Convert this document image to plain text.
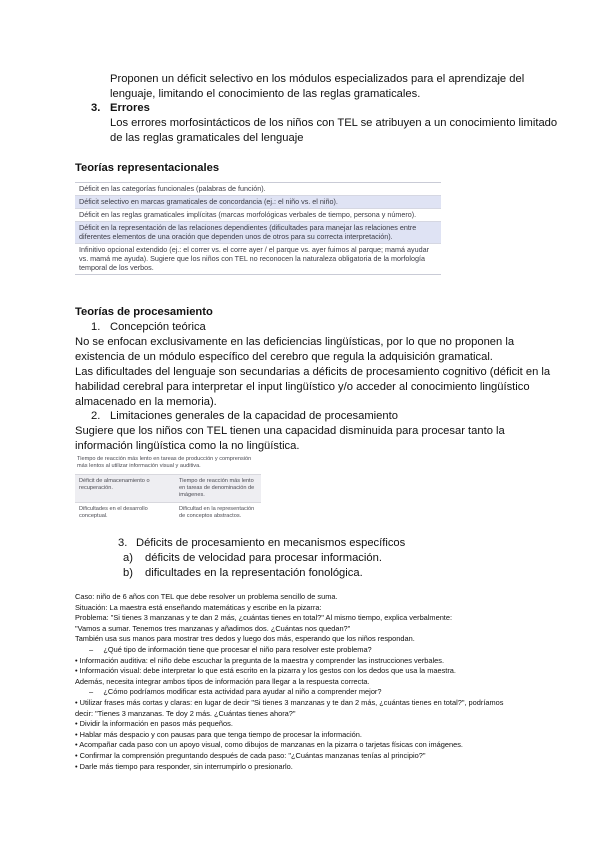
Proponen un déficit selectivo en los módulos especializados para el aprendizaje del

lenguaje, limitando el conocimiento de las reglas gramaticales.

3. Errores

Los errores morfosintácticos de los niños con TEL se atribuyen a un conocimiento limitado

de las reglas gramaticales del lenguaje

Teorías representacionales

Déficit en las categorías funcionales (palabras de función).
Déficit selectivo en marcas gramaticales de concordancia (ej.: el niño vs. el niño).
Déficit en las reglas gramaticales implícitas (marcas morfológicas verbales de tiempo, persona y número).
Déficit en la representación de las relaciones dependientes (dificultades para manejar las relaciones entre diferentes elementos de una oración que dependen unos de otros para su correcta interpretación).
Infinitivo opcional extendido (ej.: el correr vs. el corre ayer / el parque vs. ayer fuimos al parque; mamá ayudar vs. mamá me ayuda). Sugiere que los niños con TEL no reconocen la naturaleza obligatoria de la morfología temporal de los verbos.

Teorías de procesamiento

1. Concepción teórica

No se enfocan exclusivamente en las deficiencias lingüísticas, por lo que no proponen la

existencia de un módulo específico del cerebro que regula la adquisición gramatical.

Las dificultades del lenguaje son secundarias a déficits de procesamiento cognitivo (déficit en la

habilidad cerebral para interpretar el input lingüístico y/o acceder al conocimiento lingüístico

almacenado en la memoria).

2. Limitaciones generales de la capacidad de procesamiento

Sugiere que los niños con TEL tienen una capacidad disminuida para procesar tanto la

información lingüística como la no lingüística.

Tiempo de reacción más lento en tareas de producción y comprensión más lentos al utilizar información visual y auditiva.
Déficit de almacenamiento o recuperación.
Tiempo de reacción más lento en tareas de denominación de imágenes.
Dificultades en el desarrollo conceptual.
Dificultad en la representación de conceptos abstractos.
3. Déficits de procesamiento en mecanismos específicos

a) déficits de velocidad para procesar información.

b) dificultades en la representación fonológica.

Caso: niño de 6 años con TEL que debe resolver un problema sencillo de suma.
Situación: La maestra está enseñando matemáticas y escribe en la pizarra:
Problema: "Si tienes 3 manzanas y te dan 2 más, ¿cuántas tienes en total?" Al mismo tiempo, explica verbalmente:
"Vamos a sumar. Tenemos tres manzanas y añadimos dos. ¿Cuántas nos quedan?"
También usa sus manos para mostrar tres dedos y luego dos más, esperando que los niños respondan.
–     ¿Qué tipo de información tiene que procesar el niño para resolver este problema?
• Información auditiva: el niño debe escuchar la pregunta de la maestra y comprender las instrucciones verbales.
• Información visual: debe interpretar lo que está escrito en la pizarra y los gestos con los dedos que usa la maestra.
Además, necesita integrar ambos tipos de información para llegar a la respuesta correcta.
–     ¿Cómo podríamos modificar esta actividad para ayudar al niño a comprender mejor?
• Utilizar frases más cortas y claras: en lugar de decir "Si tienes 3 manzanas y te dan 2 más, ¿cuántas tienes en total?", podríamos
decir: "Tienes 3 manzanas. Te doy 2 más. ¿Cuántas tienes ahora?"
• Dividir la información en pasos más pequeños.
• Hablar más despacio y con pausas para que tenga tiempo de procesar la información.
• Acompañar cada paso con un apoyo visual, como dibujos de manzanas en la pizarra o tarjetas físicas con imágenes.
• Confirmar la comprensión preguntando después de cada paso: "¿Cuántas manzanas tenías al principio?"
• Darle más tiempo para responder, sin interrumpirlo o presionarlo.
